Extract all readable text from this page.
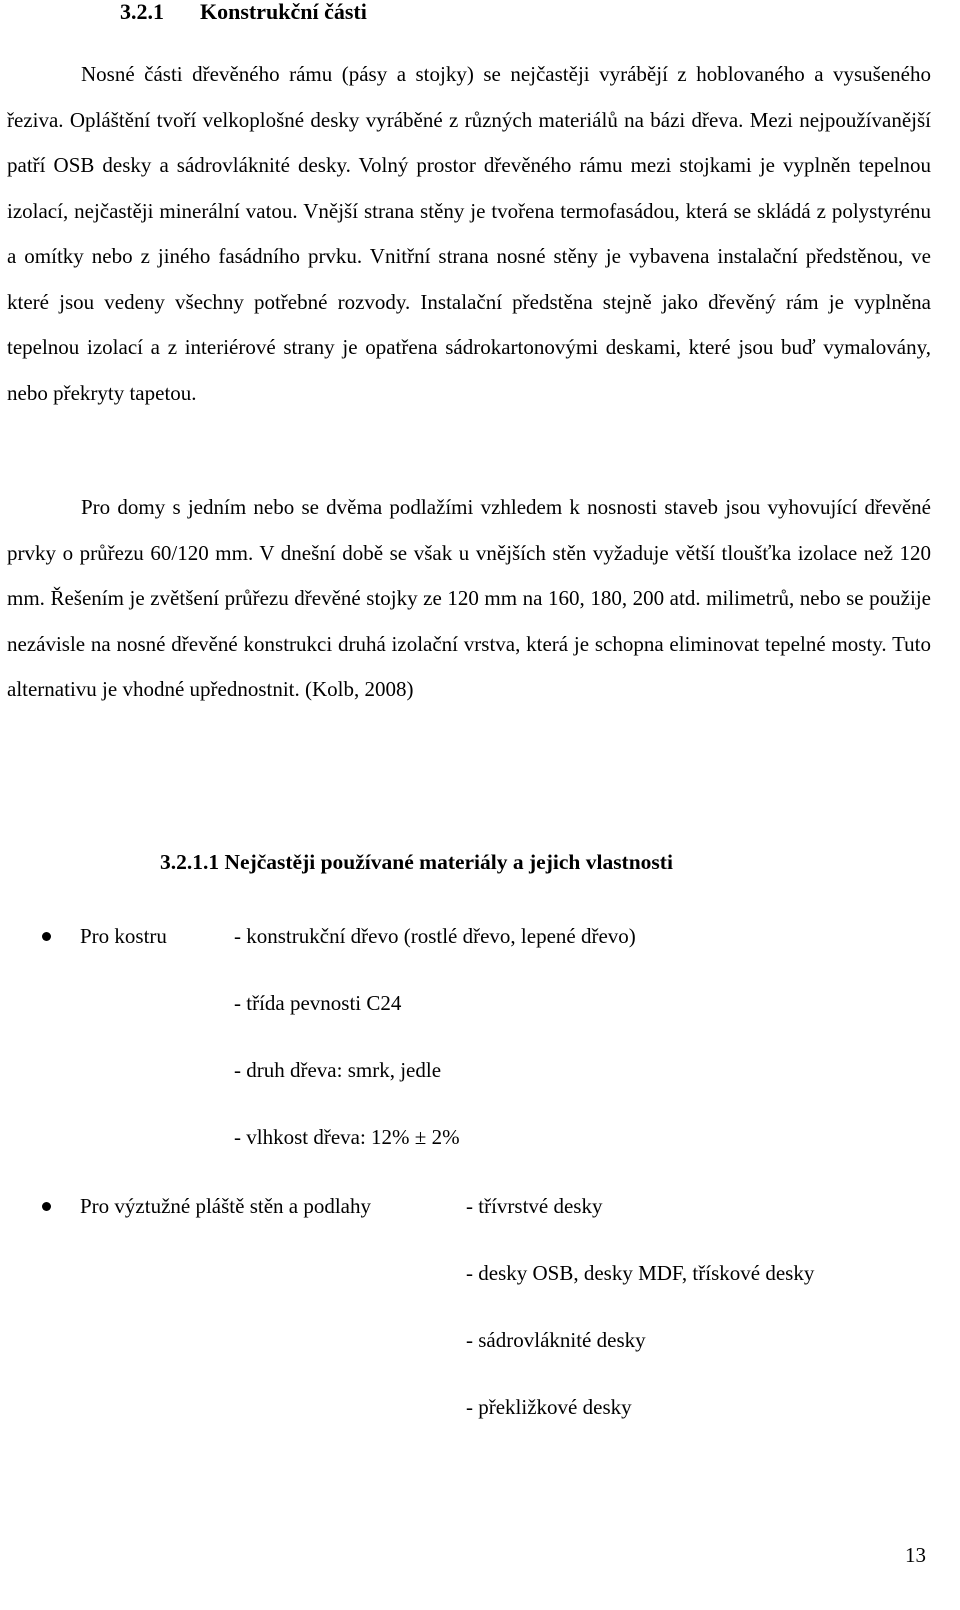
3.2.1 Konstrukční části

Nosné části dřevěného rámu (pásy a stojky) se nejčastěji vyrábějí z hoblovaného a vysušeného řeziva. Opláštění tvoří velkoplošné desky vyráběné z různých materiálů na bázi dřeva. Mezi nejpoužívanější patří OSB desky a sádrovláknité desky. Volný prostor dřevěného rámu mezi stojkami je vyplněn tepelnou izolací, nejčastěji minerální vatou. Vnější strana stěny je tvořena termofasádou, která se skládá z polystyrénu a omítky nebo z jiného fasádního prvku. Vnitřní strana nosné stěny je vybavena instalační předstěnou, ve které jsou vedeny všechny potřebné rozvody. Instalační předstěna stejně jako dřevěný rám je vyplněna tepelnou izolací a z interiérové strany je opatřena sádrokartonovými deskami, které jsou buď vymalovány, nebo překryty tapetou.

Pro domy s jedním nebo se dvěma podlažími vzhledem k nosnosti staveb jsou vyhovující dřevěné prvky o průřezu 60/120 mm. V dnešní době se však u vnějších stěn vyžaduje větší tloušťka izolace než 120 mm. Řešením je zvětšení průřezu dřevěné stojky ze 120 mm na 160, 180, 200 atd. milimetrů, nebo se použije nezávisle na nosné dřevěné konstrukci druhá izolační vrstva, která je schopna eliminovat tepelné mosty. Tuto alternativu je vhodné upřednostnit. (Kolb, 2008)

3.2.1.1 Nejčastěji používané materiály a jejich vlastnosti
Pro kostru	- konstrukční dřevo (rostlé dřevo, lepené dřevo)
- třída pevnosti C24
- druh dřeva: smrk, jedle
- vlhkost dřeva: 12% ± 2%
Pro výztužné pláště stěn a podlahy	- třívrstvé desky
- desky OSB, desky MDF, třískové desky
- sádrovláknité desky
- překližkové desky
13
